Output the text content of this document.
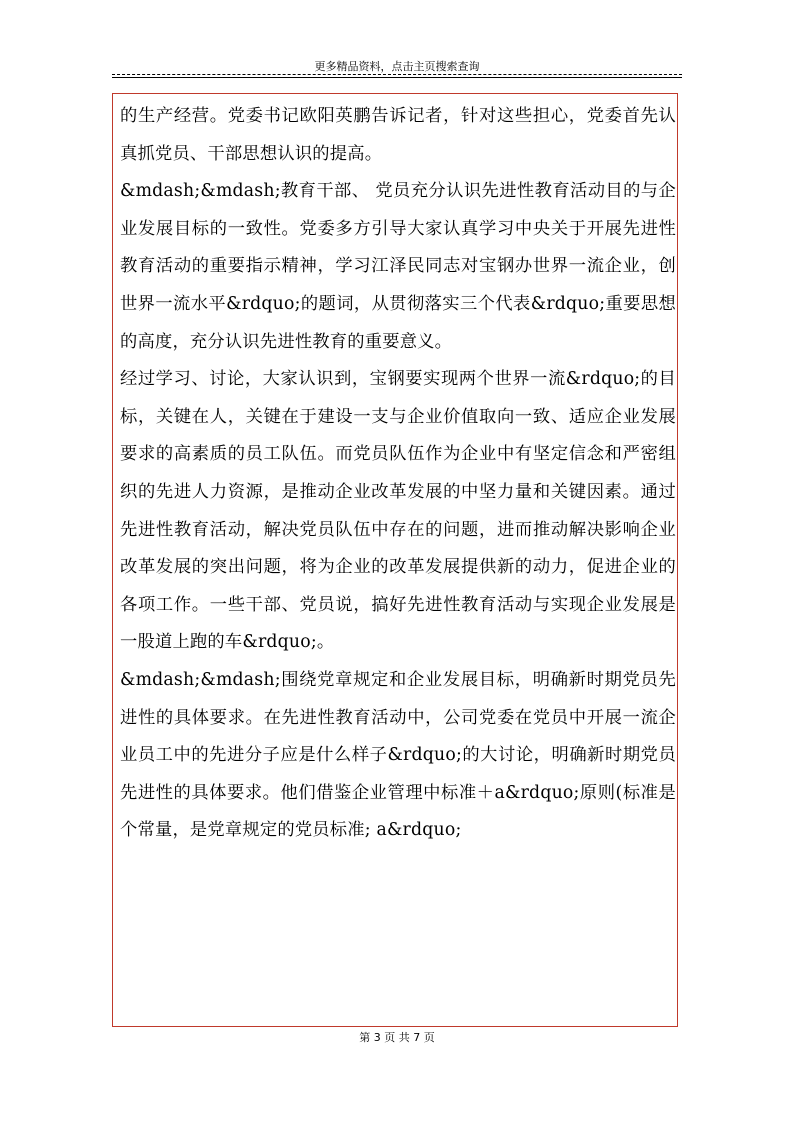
更多精品资料，点击主页搜索查询

的生产经营。党委书记欧阳英鹏告诉记者，针对这些担心，党委首先认真抓党员、干部思想认识的提高。

&mdash;&mdash;教育干部、 党员充分认识先进性教育活动目的与企业发展目标的一致性。党委多方引导大家认真学习中央关于开展先进性教育活动的重要指示精神，学习江泽民同志对宝钢办世界一流企业，创世界一流水平&rdquo;的题词，从贯彻落实三个代表&rdquo;重要思想的高度，充分认识先进性教育的重要意义。

经过学习、讨论，大家认识到，宝钢要实现两个世界一流&rdquo;的目标，关键在人，关键在于建设一支与企业价值取向一致、适应企业发展要求的高素质的员工队伍。而党员队伍作为企业中有坚定信念和严密组织的先进人力资源，是推动企业改革发展的中坚力量和关键因素。通过先进性教育活动，解决党员队伍中存在的问题，进而推动解决影响企业改革发展的突出问题，将为企业的改革发展提供新的动力，促进企业的各项工作。一些干部、党员说，搞好先进性教育活动与实现企业发展是一股道上跑的车&rdquo;。

&mdash;&mdash;围绕党章规定和企业发展目标，明确新时期党员先进性的具体要求。在先进性教育活动中，公司党委在党员中开展一流企业员工中的先进分子应是什么样子&rdquo;的大讨论，明确新时期党员先进性的具体要求。他们借鉴企业管理中标准＋a&rdquo;原则(标准是个常量，是党章规定的党员标准; a&rdquo;

第 3 页 共 7 页
